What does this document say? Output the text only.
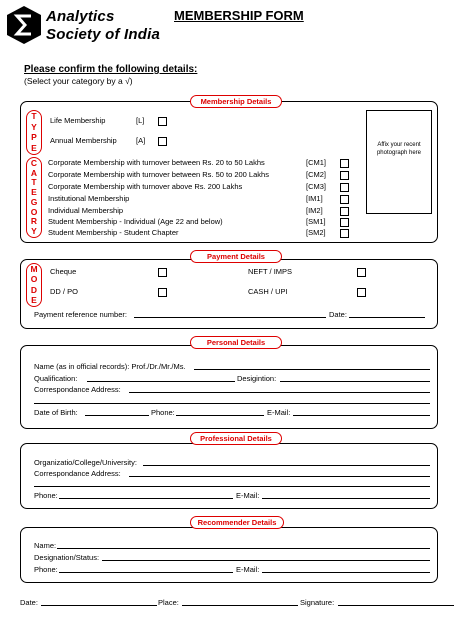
Analytics
Society of India
MEMBERSHIP FORM
Please confirm the following details:
(Select your category by a √)
Membership Details
T
Y
P
E
C
A
T
E
G
O
R
Y
Life Membership	[L]
Annual Membership	[A]
Corporate Membership with turnover between Rs. 20 to 50 Lakhs	[CM1]
Corporate Membership with turnover between Rs. 50 to 200 Lakhs	[CM2]
Corporate Membership with turnover above Rs. 200 Lakhs	[CM3]
Institutional Membership	[IM1]
Individual Membership	[IM2]
Student Membership - Individual (Age 22 and below)	[SM1]
Student Membership - Student Chapter	[SM2]
Affix your recent photograph here
Payment Details
M
O
D
E
Cheque	NEFT / IMPS
DD / PO	CASH / UPI
Payment reference number:	Date:
Personal Details
Name (as in official records): Prof./Dr./Mr./Ms.
Qualification:	Desigintion:
Correspondance Address:
Date of Birth:	Phone:	E-Mail:
Professional Details
Organizatio/College/University:
Correspondance Address:
Phone:	E-Mail:
Recommender Details
Name:
Designation/Status:
Phone:	E-Mail:
Date:	Place:	Signature:
